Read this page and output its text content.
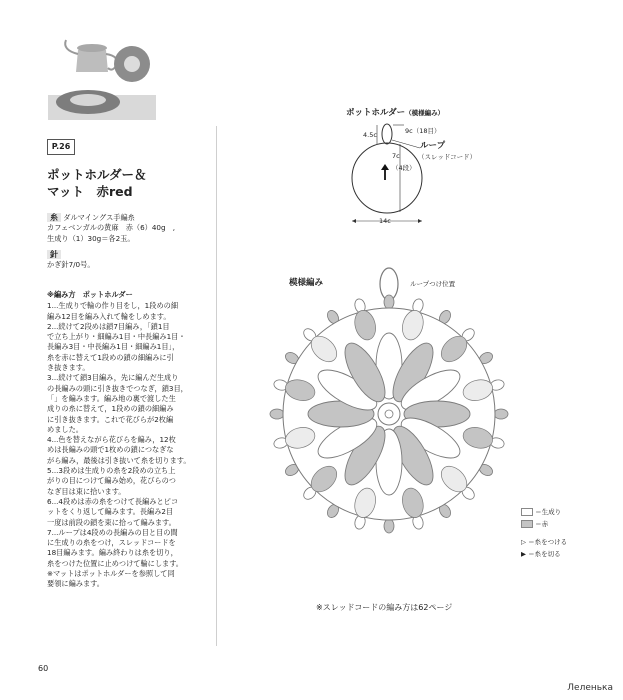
P.26
ポットホルダー＆
マット　赤red
糸 ダルマイングス手編糸
カフェベンガルの黄麻　赤（6）40g　,
生成り（1）30g＝各2玉。
針
かぎ針7/0号。
※編み方　ポットホルダー
1...生成りで輪の作り目をし，1段めの細
編み12目を編み入れて輪をしめます。
2...続けて2段めは鎖7目編み，「鎖1目
で立ち上がり・細編み1目・中長編み1目・
長編み3目・中長編み1目・細編み1目」，
糸を赤に替えて1段めの鎖の細編みに引
き抜きます。
3...続けて鎖3目編み，先に編んだ生成り
の長編みの頭に引き抜きでつなぎ，鎖3目，
「」を編みます。編み地の裏で渡した生
成りの糸に替えて，1段めの鎖の細編み
に引き抜きます。これで花びらが2枚編
めました。
4...色を替えながら花びらを編み，12枚
めは長編みの頭で1枚めの鎖につなぎな
がら編み，最後は引き抜いて糸を切ります。
5...3段めは生成りの糸を2段めの立ち上
がりの目につけて編み始め，花びらのつ
なぎ目は束に拾います。
6...4段めは赤の糸をつけて長編みとピコ
ットをくり返して編みます。長編み2目
一度は前段の鎖を束に拾って編みます。
7...ループは4段めの長編みの目と目の間
に生成りの糸をつけ，スレッドコードを
18目編みます。編み終わりは糸を切り，
糸をつけた位置に止めつけて輪にします。
※マットはポットホルダーを参照して同
要領に編みます。
60
ポットホルダー（模様編み）
4.5c	9c（18目）
ループ
（スレッドコード）
7c
（4段）
14c
模様編み	ループつけ位置
＝生成り
＝赤
▷ ＝糸をつける
▶ ＝糸を切る
※スレッドコードの編み方は62ページ
Леленька
